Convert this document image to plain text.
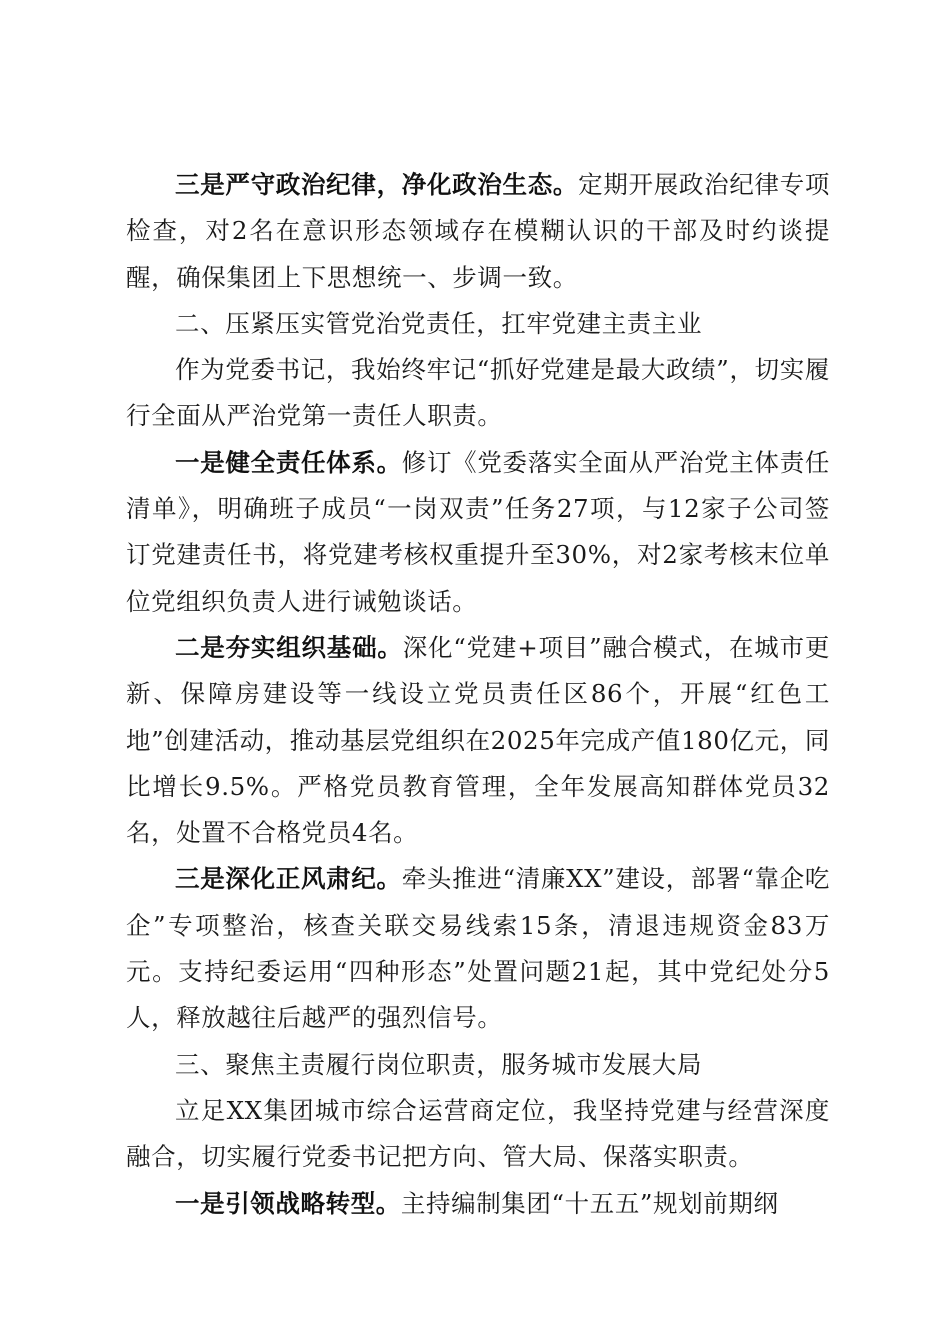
三是严守政治纪律，净化政治生态。定期开展政治纪律专项检查，对2名在意识形态领域存在模糊认识的干部及时约谈提醒，确保集团上下思想统一、步调一致。

二、压紧压实管党治党责任，扛牢党建主责主业

作为党委书记，我始终牢记“抓好党建是最大政绩”，切实履行全面从严治党第一责任人职责。

一是健全责任体系。修订《党委落实全面从严治党主体责任清单》，明确班子成员“一岗双责”任务27项，与12家子公司签订党建责任书，将党建考核权重提升至30%，对2家考核末位单位党组织负责人进行诫勉谈话。

二是夯实组织基础。深化“党建+项目”融合模式，在城市更新、保障房建设等一线设立党员责任区86个，开展“红色工地”创建活动，推动基层党组织在2025年完成产值180亿元，同比增长9.5%。严格党员教育管理，全年发展高知群体党员32名，处置不合格党员4名。

三是深化正风肃纪。牵头推进“清廉XX”建设，部署“靠企吃企”专项整治，核查关联交易线索15条，清退违规资金83万元。支持纪委运用“四种形态”处置问题21起，其中党纪处分5人，释放越往后越严的强烈信号。

三、聚焦主责履行岗位职责，服务城市发展大局

立足XX集团城市综合运营商定位，我坚持党建与经营深度融合，切实履行党委书记把方向、管大局、保落实职责。

一是引领战略转型。主持编制集团“十五五”规划前期纲
